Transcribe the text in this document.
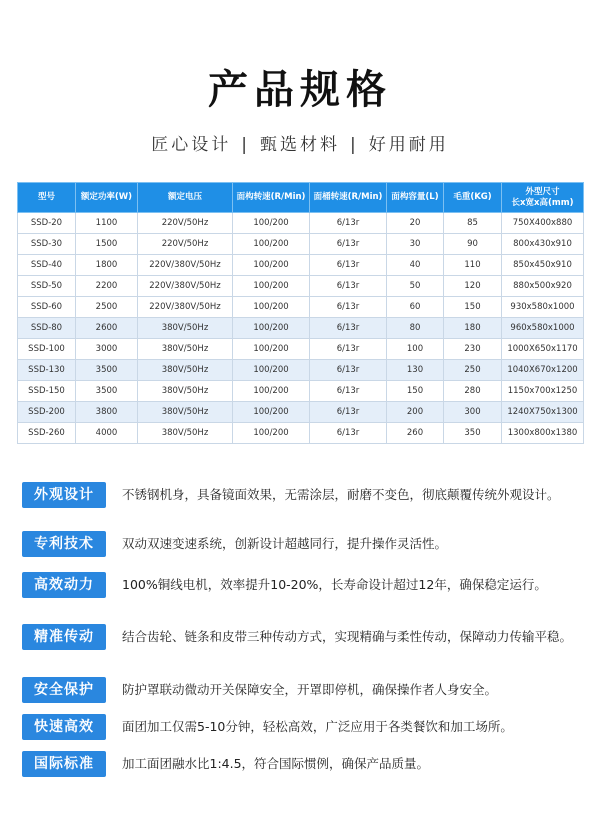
产品规格
匠心设计 | 甄选材料 | 好用耐用
型号	额定功率(W)	额定电压	面构转速(R/Min)	面桶转速(R/Min)	面构容量(L)	毛重(KG)	外型尺寸
长x宽x高(mm)
SSD-20	1100	220V/50Hz	100/200	6/13r	20	85	750X400x880
SSD-30	1500	220V/50Hz	100/200	6/13r	30	90	800x430x910
SSD-40	1800	220V/380V/50Hz	100/200	6/13r	40	110	850x450x910
SSD-50	2200	220V/380V/50Hz	100/200	6/13r	50	120	880x500x920
SSD-60	2500	220V/380V/50Hz	100/200	6/13r	60	150	930x580x1000
SSD-80	2600	380V/50Hz	100/200	6/13r	80	180	960x580x1000
SSD-100	3000	380V/50Hz	100/200	6/13r	100	230	1000X650x1170
SSD-130	3500	380V/50Hz	100/200	6/13r	130	250	1040X670x1200
SSD-150	3500	380V/50Hz	100/200	6/13r	150	280	1150x700x1250
SSD-200	3800	380V/50Hz	100/200	6/13r	200	300	1240X750x1300
SSD-260	4000	380V/50Hz	100/200	6/13r	260	350	1300x800x1380
外观设计	不锈钢机身，具备镜面效果，无需涂层，耐磨不变色，彻底颠覆传统外观设计。
专利技术	双动双速变速系统，创新设计超越同行，提升操作灵活性。
高效动力	100%铜线电机，效率提升10-20%，长寿命设计超过12年，确保稳定运行。
精准传动	结合齿轮、链条和皮带三种传动方式，实现精确与柔性传动，保障动力传输平稳。
安全保护	防护罩联动微动开关保障安全，开罩即停机，确保操作者人身安全。
快速高效	面团加工仅需5-10分钟，轻松高效，广泛应用于各类餐饮和加工场所。
国际标准	加工面团融水比1:4.5，符合国际惯例，确保产品质量。
